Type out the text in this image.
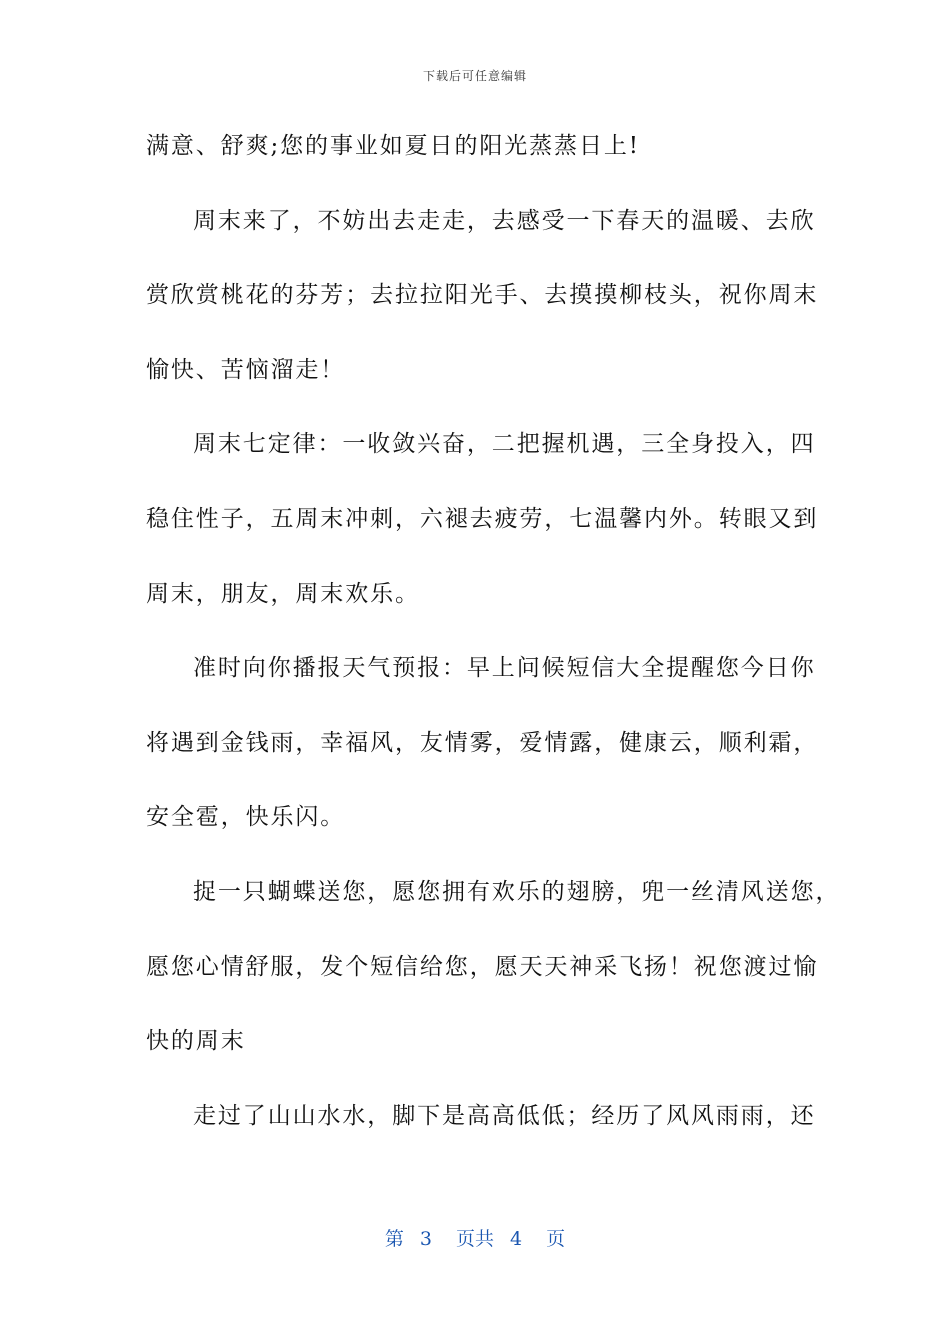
下载后可任意编辑
满意、舒爽;您的事业如夏日的阳光蒸蒸日上!
周末来了，不妨出去走走，去感受一下春天的温暖、去欣
赏欣赏桃花的芬芳；去拉拉阳光手、去摸摸柳枝头，祝你周末
愉快、苦恼溜走！
周末七定律：一收敛兴奋，二把握机遇，三全身投入，四
稳住性子，五周末冲刺，六褪去疲劳，七温馨内外。转眼又到
周末，朋友，周末欢乐。
准时向你播报天气预报：早上问候短信大全提醒您今日你
将遇到金钱雨，幸福风，友情雾，爱情露，健康云，顺利霜，
安全雹，快乐闪。
捉一只蝴蝶送您，愿您拥有欢乐的翅膀，兜一丝清风送您，
愿您心情舒服，发个短信给您，愿天天神采飞扬！祝您渡过愉
快的周末
走过了山山水水，脚下是高高低低；经历了风风雨雨，还
第 3 页共 4 页
